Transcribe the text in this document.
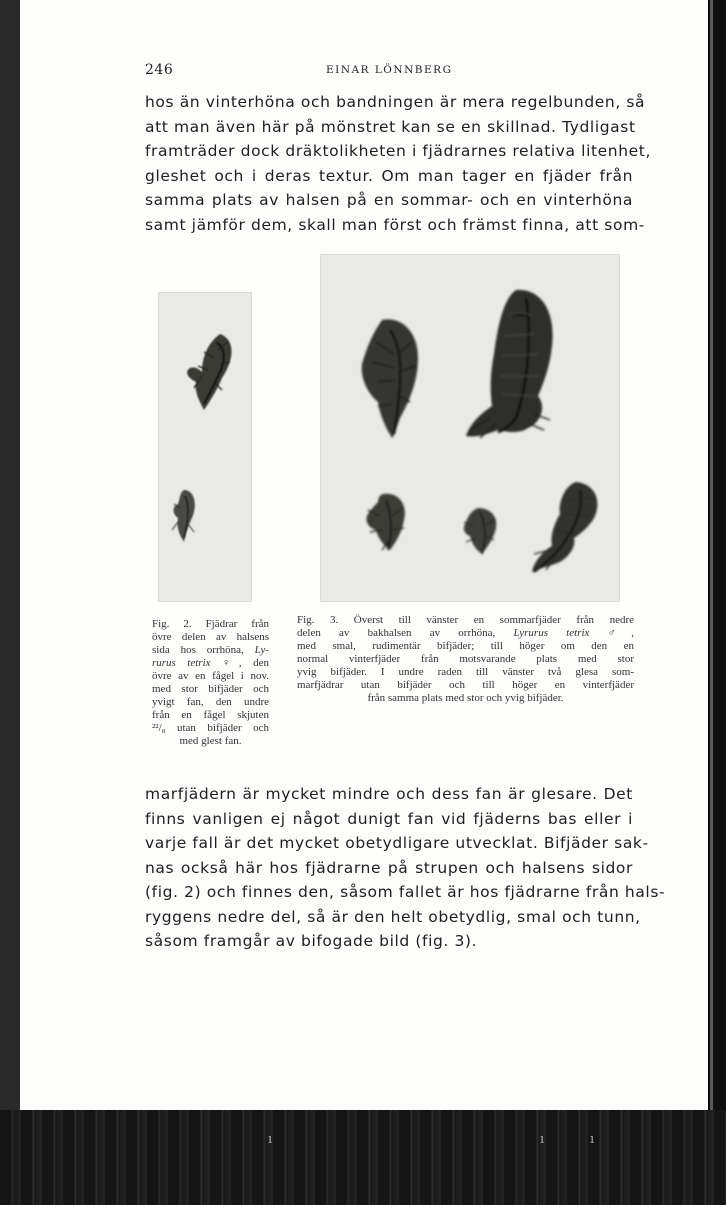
246	EINAR LÖNNBERG

hos än vinterhöna och bandningen är mera regelbunden, så
att man även här på mönstret kan se en skillnad. Tydligast
framträder dock dräktolikheten i fjädrarnes relativa litenhet,
gleshet och i deras textur. Om man tager en fjäder från
samma plats av halsen på en sommar- och en vinterhöna
samt jämför dem, skall man först och främst finna, att som-

Fig. 2. Fjädrar från
övre delen av halsens
sida hos orrhöna, Ly-
rurus tetrix ♀, den
övre av en fågel i nov.
med stor bifjäder och
yvigt fan, den undre
från en fågel skjuten
²²/₈ utan bifjäder och
med glest fan.
Fig. 3. Överst till vänster en sommarfjäder från nedre
delen av bakhalsen av orrhöna, Lyrurus tetrix ♂,
med smal, rudimentär bifjäder; till höger om den en
normal vinterfjäder från motsvarande plats med stor
yvig bifjäder. I undre raden till vänster två glesa som-
marfjädrar utan bifjäder och till höger en vinterfjäder
från samma plats med stor och yvig bifjäder.

marfjädern är mycket mindre och dess fan är glesare. Det
finns vanligen ej något dunigt fan vid fjäderns bas eller i
varje fall är det mycket obetydligare utvecklat. Bifjäder sak-
nas också här hos fjädrarne på strupen och halsens sidor
(fig. 2) och finnes den, såsom fallet är hos fjädrarne från hals-
ryggens nedre del, så är den helt obetydlig, smal och tunn,
såsom framgår av bifogade bild (fig. 3).

ı	ı	ı
